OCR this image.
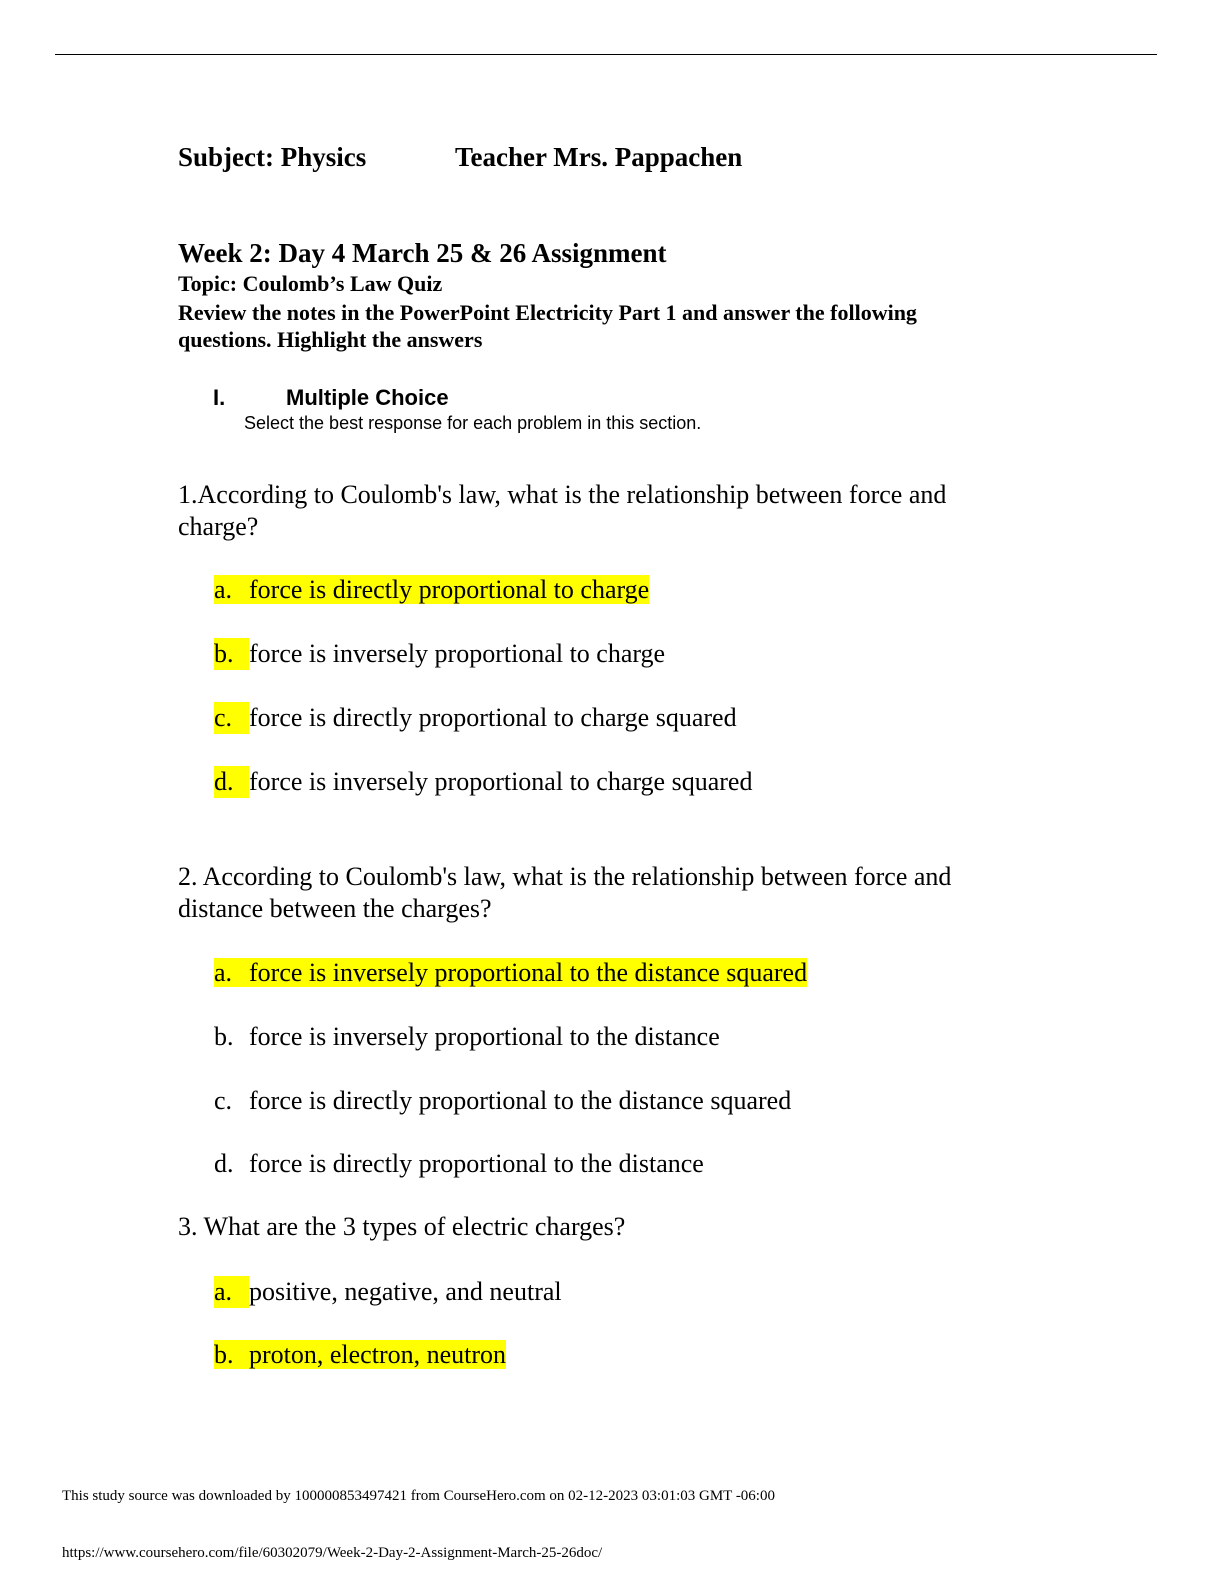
Subject: Physics	Teacher Mrs. Pappachen
Week 2: Day 4 March 25 & 26 Assignment
Topic: Coulomb’s Law Quiz
Review the notes in the PowerPoint Electricity Part 1 and answer the following questions. Highlight the answers
I.	Multiple Choice
Select the best response for each problem in this section.
1.According to Coulomb's law, what is the relationship between force and charge?
a. force is directly proportional to charge
b. force is inversely proportional to charge
c. force is directly proportional to charge squared
d. force is inversely proportional to charge squared
2. According to Coulomb's law, what is the relationship between force and distance between the charges?
a. force is inversely proportional to the distance squared
b. force is inversely proportional to the distance
c. force is directly proportional to the distance squared
d. force is directly proportional to the distance
3. What are the 3 types of electric charges?
a. positive, negative, and neutral
b. proton, electron, neutron
This study source was downloaded by 100000853497421 from CourseHero.com on 02-12-2023 03:01:03 GMT -06:00
https://www.coursehero.com/file/60302079/Week-2-Day-2-Assignment-March-25-26doc/
